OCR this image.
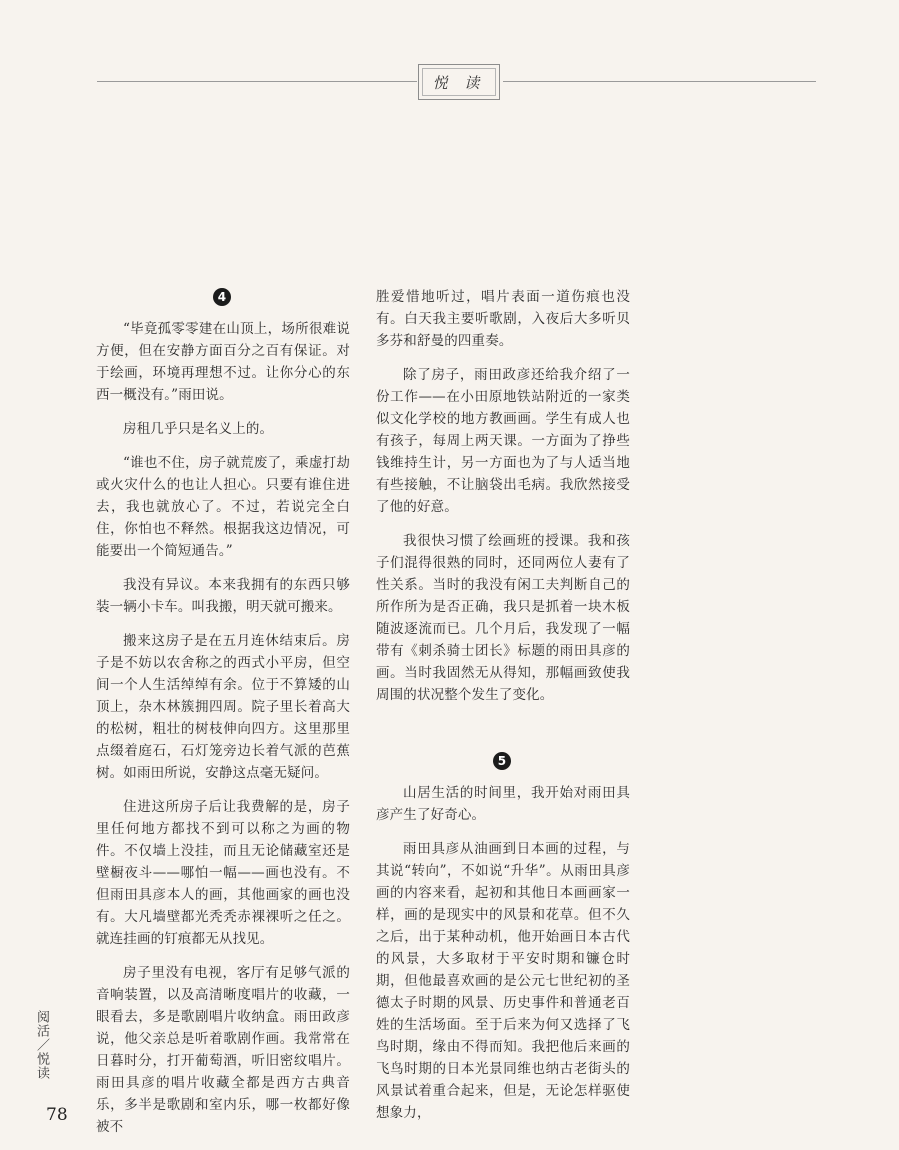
悦 读
4

“毕竟孤零零建在山顶上，场所很难说方便，但在安静方面百分之百有保证。对于绘画，环境再理想不过。让你分心的东西一概没有。”雨田说。

房租几乎只是名义上的。

“谁也不住，房子就荒废了，乘虚打劫或火灾什么的也让人担心。只要有谁住进去，我也就放心了。不过，若说完全白住，你怕也不释然。根据我这边情况，可能要出一个简短通告。”

我没有异议。本来我拥有的东西只够装一辆小卡车。叫我搬，明天就可搬来。

搬来这房子是在五月连休结束后。房子是不妨以农舍称之的西式小平房，但空间一个人生活绰绰有余。位于不算矮的山顶上，杂木林簇拥四周。院子里长着高大的松树，粗壮的树枝伸向四方。这里那里点缀着庭石，石灯笼旁边长着气派的芭蕉树。如雨田所说，安静这点毫无疑问。

住进这所房子后让我费解的是，房子里任何地方都找不到可以称之为画的物件。不仅墙上没挂，而且无论储藏室还是壁橱夜斗——哪怕一幅——画也没有。不但雨田具彦本人的画，其他画家的画也没有。大凡墙壁都光秃秃赤裸裸听之任之。就连挂画的钉痕都无从找见。

房子里没有电视，客厅有足够气派的音响装置，以及高清晰度唱片的收藏，一眼看去，多是歌剧唱片收纳盒。雨田政彦说，他父亲总是听着歌剧作画。我常常在日暮时分，打开葡萄酒，听旧密纹唱片。雨田具彦的唱片收藏全都是西方古典音乐，多半是歌剧和室内乐，哪一枚都好像被不

胜爱惜地听过，唱片表面一道伤痕也没有。白天我主要听歌剧，入夜后大多听贝多芬和舒曼的四重奏。

除了房子，雨田政彦还给我介绍了一份工作——在小田原地铁站附近的一家类似文化学校的地方教画画。学生有成人也有孩子，每周上两天课。一方面为了挣些钱维持生计，另一方面也为了与人适当地有些接触，不让脑袋出毛病。我欣然接受了他的好意。

我很快习惯了绘画班的授课。我和孩子们混得很熟的同时，还同两位人妻有了性关系。当时的我没有闲工夫判断自己的所作所为是否正确，我只是抓着一块木板随波逐流而已。几个月后，我发现了一幅带有《刺杀骑士团长》标题的雨田具彦的画。当时我固然无从得知，那幅画致使我周围的状况整个发生了变化。

5

山居生活的时间里，我开始对雨田具彦产生了好奇心。

雨田具彦从油画到日本画的过程，与其说“转向”，不如说“升华”。从雨田具彦画的内容来看，起初和其他日本画画家一样，画的是现实中的风景和花草。但不久之后，出于某种动机，他开始画日本古代的风景，大多取材于平安时期和镰仓时期，但他最喜欢画的是公元七世纪初的圣德太子时期的风景、历史事件和普通老百姓的生活场面。至于后来为何又选择了飞鸟时期，缘由不得而知。我把他后来画的飞鸟时期的日本光景同维也纳古老街头的风景试着重合起来，但是，无论怎样驱使想象力，

阅活／悦读
78
